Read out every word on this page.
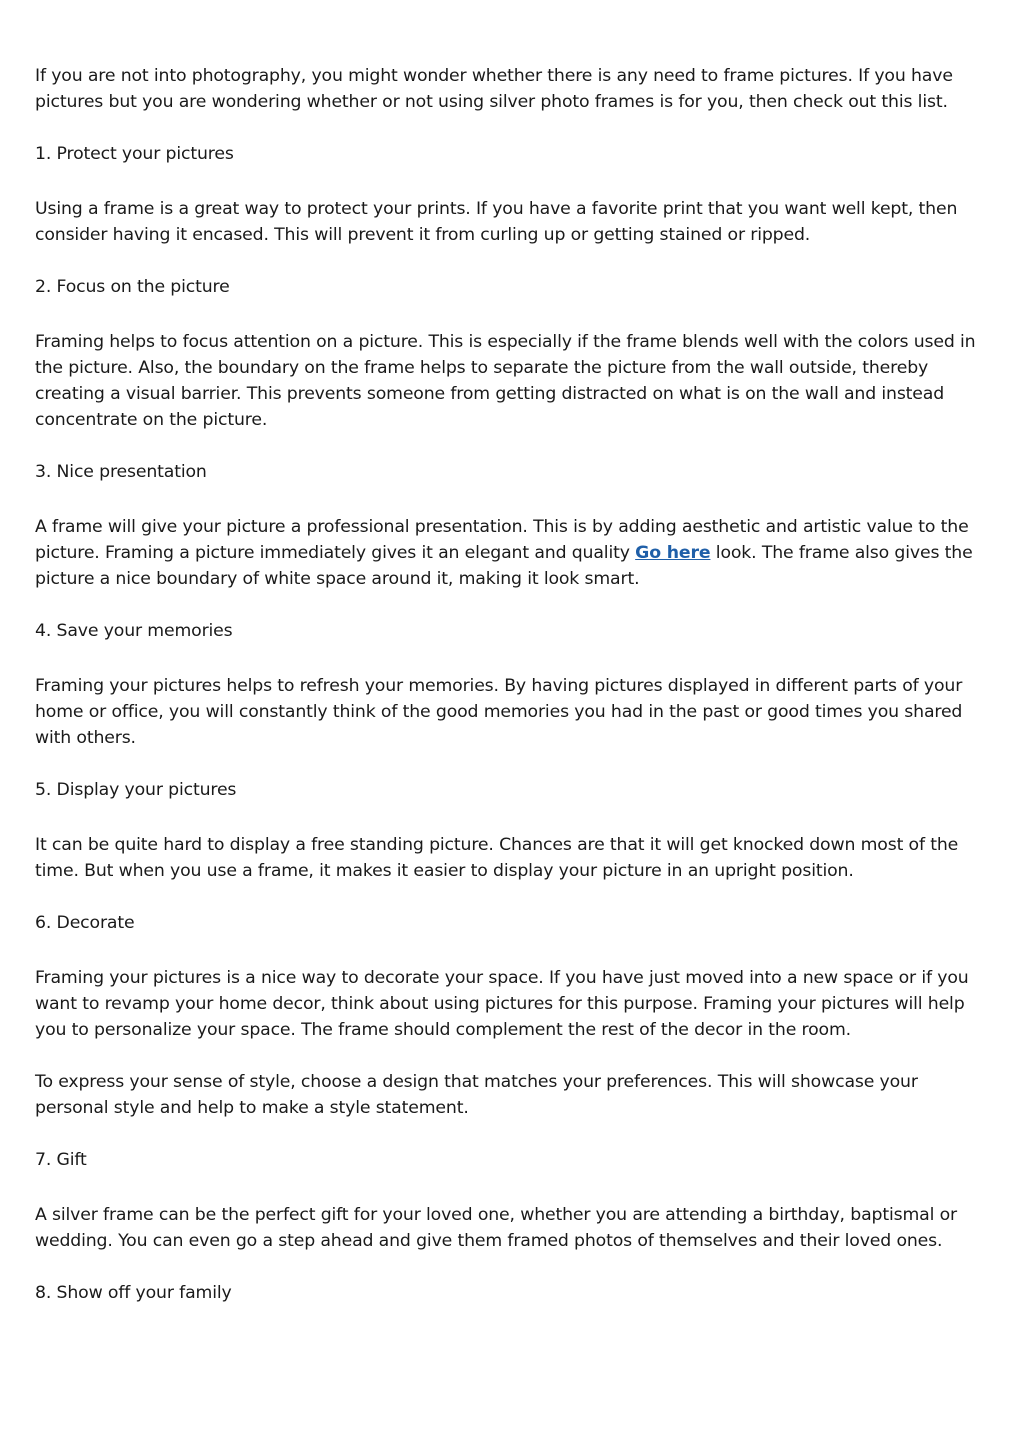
If you are not into photography, you might wonder whether there is any need to frame pictures. If you have pictures but you are wondering whether or not using silver photo frames is for you, then check out this list.

1. Protect your pictures

Using a frame is a great way to protect your prints. If you have a favorite print that you want well kept, then consider having it encased. This will prevent it from curling up or getting stained or ripped.

2. Focus on the picture

Framing helps to focus attention on a picture. This is especially if the frame blends well with the colors used in the picture. Also, the boundary on the frame helps to separate the picture from the wall outside, thereby creating a visual barrier. This prevents someone from getting distracted on what is on the wall and instead concentrate on the picture.

3. Nice presentation

A frame will give your picture a professional presentation. This is by adding aesthetic and artistic value to the picture. Framing a picture immediately gives it an elegant and quality Go here look. The frame also gives the picture a nice boundary of white space around it, making it look smart.

4. Save your memories

Framing your pictures helps to refresh your memories. By having pictures displayed in different parts of your home or office, you will constantly think of the good memories you had in the past or good times you shared with others.

5. Display your pictures

It can be quite hard to display a free standing picture. Chances are that it will get knocked down most of the time. But when you use a frame, it makes it easier to display your picture in an upright position.

6. Decorate

Framing your pictures is a nice way to decorate your space. If you have just moved into a new space or if you want to revamp your home decor, think about using pictures for this purpose. Framing your pictures will help you to personalize your space. The frame should complement the rest of the decor in the room.

To express your sense of style, choose a design that matches your preferences. This will showcase your personal style and help to make a style statement.

7. Gift

A silver frame can be the perfect gift for your loved one, whether you are attending a birthday, baptismal or wedding. You can even go a step ahead and give them framed photos of themselves and their loved ones.

8. Show off your family
